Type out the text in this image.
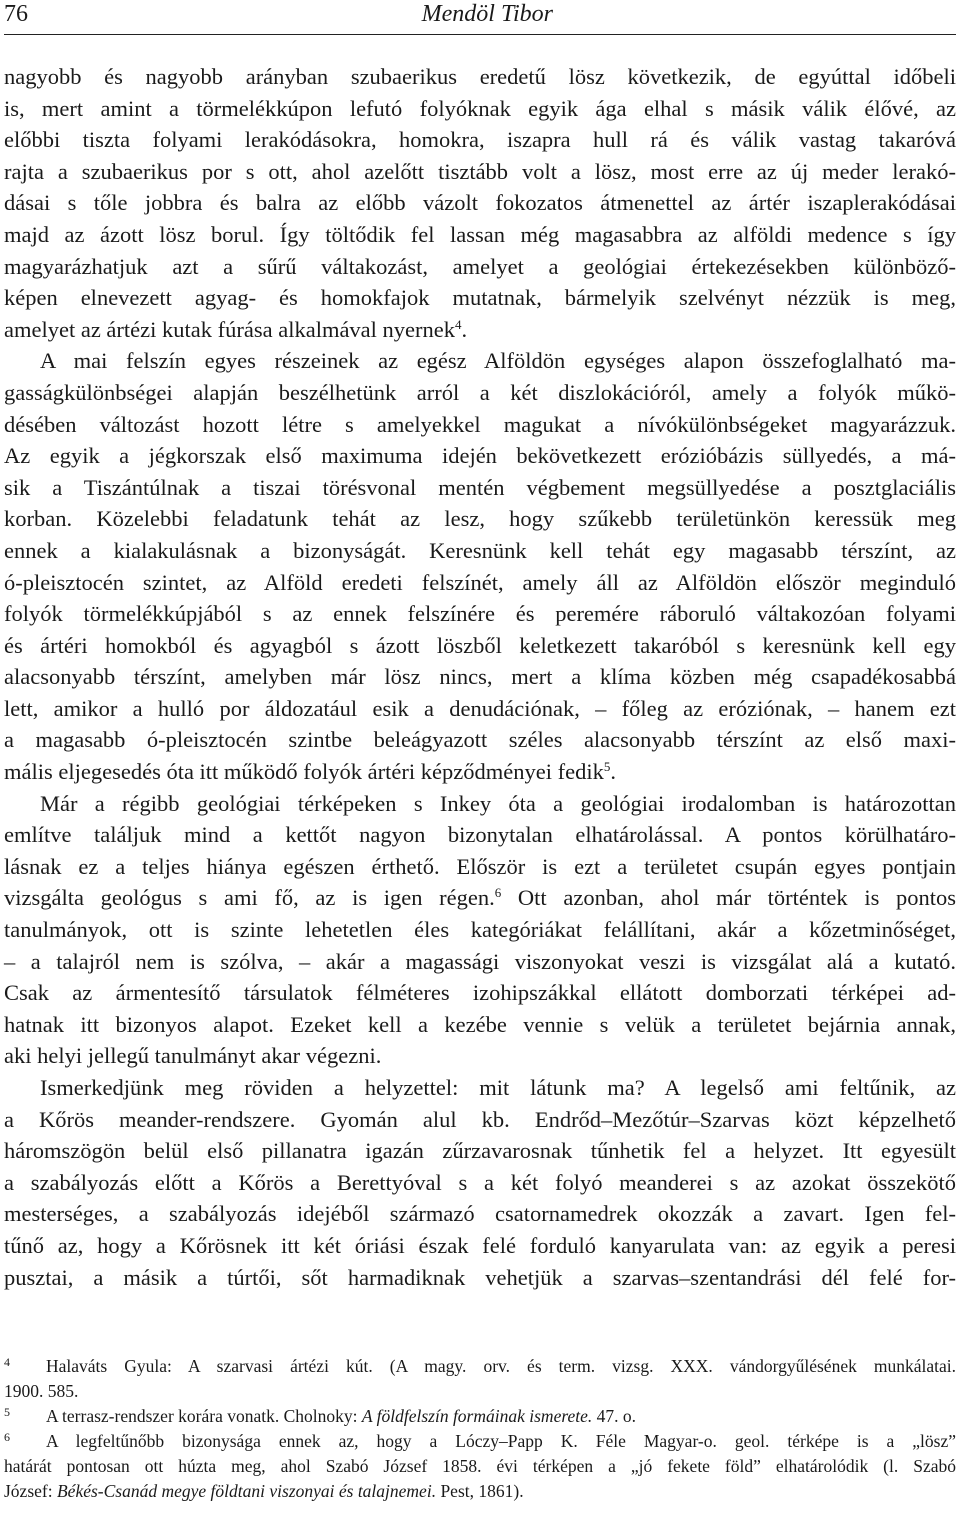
76	Mendöl Tibor

nagyobb és nagyobb arányban szubaerikus eredetű lösz következik, de egyúttal időbeli

is, mert amint a törmelékkúpon lefutó folyóknak egyik ága elhal s másik válik élővé, az

előbbi tiszta folyami lerakódásokra, homokra, iszapra hull rá és válik vastag takaróvá

rajta a szubaerikus por s ott, ahol azelőtt tisztább volt a lösz, most erre az új meder lerakó-

dásai s tőle jobbra és balra az előbb vázolt fokozatos átmenettel az ártér iszaplerakódásai

majd az ázott lösz borul. Így töltődik fel lassan még magasabbra az alföldi medence s így

magyarázhatjuk azt a sűrű váltakozást, amelyet a geológiai értekezésekben különböző-

képen elnevezett agyag- és homokfajok mutatnak, bármelyik szelvényt nézzük is meg,

amelyet az ártézi kutak fúrása alkalmával nyernek$^4$.

A mai felszín egyes részeinek az egész Alföldön egységes alapon összefoglalható ma-

gasságkülönbségei alapján beszélhetünk arról a két diszlokációról, amely a folyók műkö-

désében változást hozott létre s amelyekkel magukat a nívókülönbségeket magyarázzuk.

Az egyik a jégkorszak első maximuma idején bekövetkezett erózióbázis süllyedés, a má-

sik a Tiszántúlnak a tiszai törésvonal mentén végbement megsüllyedése a posztglaciális

korban. Közelebbi feladatunk tehát az lesz, hogy szűkebb területünkön keressük meg

ennek a kialakulásnak a bizonyságát. Keresnünk kell tehát egy magasabb térszínt, az

ó-pleisztocén szintet, az Alföld eredeti felszínét, amely áll az Alföldön először meginduló

folyók törmelékkúpjából s az ennek felszínére és peremére ráboruló váltakozóan folyami

és ártéri homokból és agyagból s ázott löszből keletkezett takaróból s keresnünk kell egy

alacsonyabb térszínt, amelyben már lösz nincs, mert a klíma közben még csapadékosabbá

lett, amikor a hulló por áldozatául esik a denudációnak, – főleg az eróziónak, – hanem ezt

a magasabb ó-pleisztocén szintbe beleágyazott széles alacsonyabb térszínt az első maxi-

mális eljegesedés óta itt működő folyók ártéri képződményei fedik$^5$.

Már a régibb geológiai térképeken s Inkey óta a geológiai irodalomban is határozottan

említve találjuk mind a kettőt nagyon bizonytalan elhatárolással. A pontos körülhatáro-

lásnak ez a teljes hiánya egészen érthető. Először is ezt a területet csupán egyes pontjain

vizsgálta geológus s ami fő, az is igen régen.$^6$ Ott azonban, ahol már történtek is pontos

tanulmányok, ott is szinte lehetetlen éles kategóriákat felállítani, akár a kőzetminőséget,

– a talajról nem is szólva, – akár a magassági viszonyokat veszi is vizsgálat alá a kutató.

Csak az ármentesítő társulatok félméteres izohipszákkal ellátott domborzati térképei ad-

hatnak itt bizonyos alapot. Ezeket kell a kezébe vennie s velük a területet bejárnia annak,

aki helyi jellegű tanulmányt akar végezni.

Ismerkedjünk meg röviden a helyzettel: mit látunk ma? A legelső ami feltűnik, az

a Kőrös meander-rendszere. Gyomán alul kb. Endrőd–Mezőtúr–Szarvas közt képzelhető

háromszögön belül első pillanatra igazán zűrzavarosnak tűnhetik fel a helyzet. Itt egyesült

a szabályozás előtt a Kőrös a Berettyóval s a két folyó meanderei s az azokat összekötő

mesterséges, a szabályozás idejéből származó csatornamedrek okozzák a zavart. Igen fel-

tűnő az, hogy a Kőrösnek itt két óriási észak felé forduló kanyarulata van: az egyik a peresi

pusztai, a másik a túrtői, sőt harmadiknak vehetjük a szarvas–szentandrási dél felé for-

$^4$ Halaváts Gyula: A szarvasi ártézi kút. (A magy. orv. és term. vizsg. XXX. vándorgyűlésének munkálatai.

1900. 585.

$^5$ A terrasz-rendszer korára vonatk. Cholnoky: A földfelszín formáinak ismerete. 47. o.

$^6$ A legfeltűnőbb bizonysága ennek az, hogy a Lóczy–Papp K. Féle Magyar-o. geol. térképe is a „lösz”

határát pontosan ott húzta meg, ahol Szabó József 1858. évi térképen a „jó fekete föld” elhatárolódik (l. Szabó

József: Békés-Csanád megye földtani viszonyai és talajnemei. Pest, 1861).
